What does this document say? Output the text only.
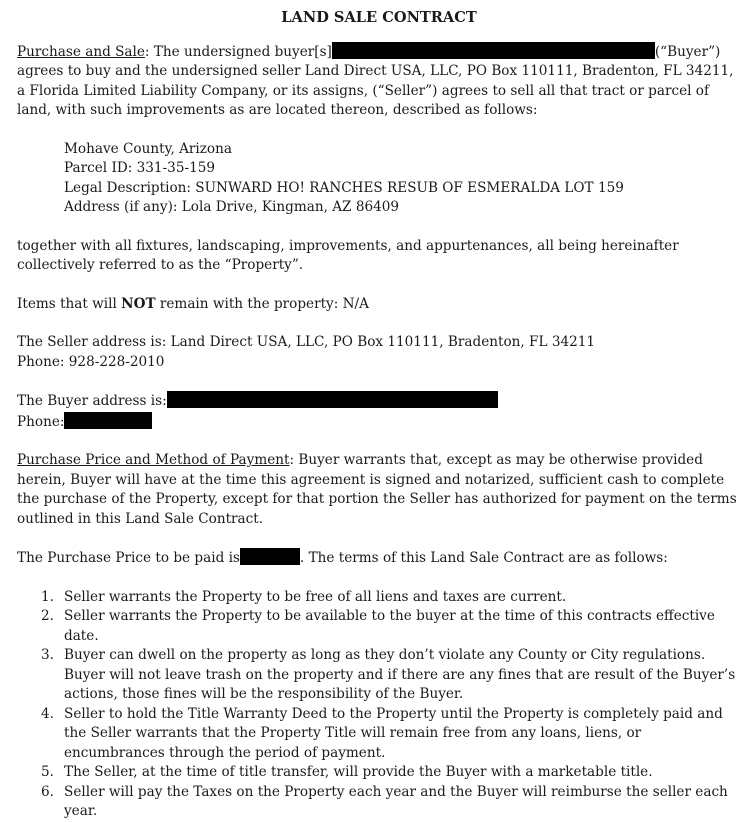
LAND SALE CONTRACT

Purchase and Sale: The undersigned buyer[s]	(“Buyer”) agrees to buy and the undersigned seller Land Direct USA, LLC, PO Box 110111, Bradenton, FL 34211, a Florida Limited Liability Company, or its assigns, (“Seller”) agrees to sell all that tract or parcel of land, with such improvements as are located thereon, described as follows:

Mohave County, Arizona
Parcel ID: 331-35-159
Legal Description: SUNWARD HO! RANCHES RESUB OF ESMERALDA LOT 159
Address (if any): Lola Drive, Kingman, AZ 86409

together with all fixtures, landscaping, improvements, and appurtenances, all being hereinafter collectively referred to as the “Property”.

Items that will NOT remain with the property: N/A

The Seller address is: Land Direct USA, LLC, PO Box 110111, Bradenton, FL 34211
Phone: 928-228-2010
The Buyer address is:
Phone:

Purchase Price and Method of Payment: Buyer warrants that, except as may be otherwise provided herein, Buyer will have at the time this agreement is signed and notarized, sufficient cash to complete the purchase of the Property, except for that portion the Seller has authorized for payment on the terms outlined in this Land Sale Contract.

The Purchase Price to be paid is	. The terms of this Land Sale Contract are as follows:

1. Seller warrants the Property to be free of all liens and taxes are current.
2. Seller warrants the Property to be available to the buyer at the time of this contracts effective date.
3. Buyer can dwell on the property as long as they don’t violate any County or City regulations. Buyer will not leave trash on the property and if there are any fines that are result of the Buyer’s actions, those fines will be the responsibility of the Buyer.
4. Seller to hold the Title Warranty Deed to the Property until the Property is completely paid and the Seller warrants that the Property Title will remain free from any loans, liens, or encumbrances through the period of payment.
5. The Seller, at the time of title transfer, will provide the Buyer with a marketable title.
6. Seller will pay the Taxes on the Property each year and the Buyer will reimburse the seller each year.
